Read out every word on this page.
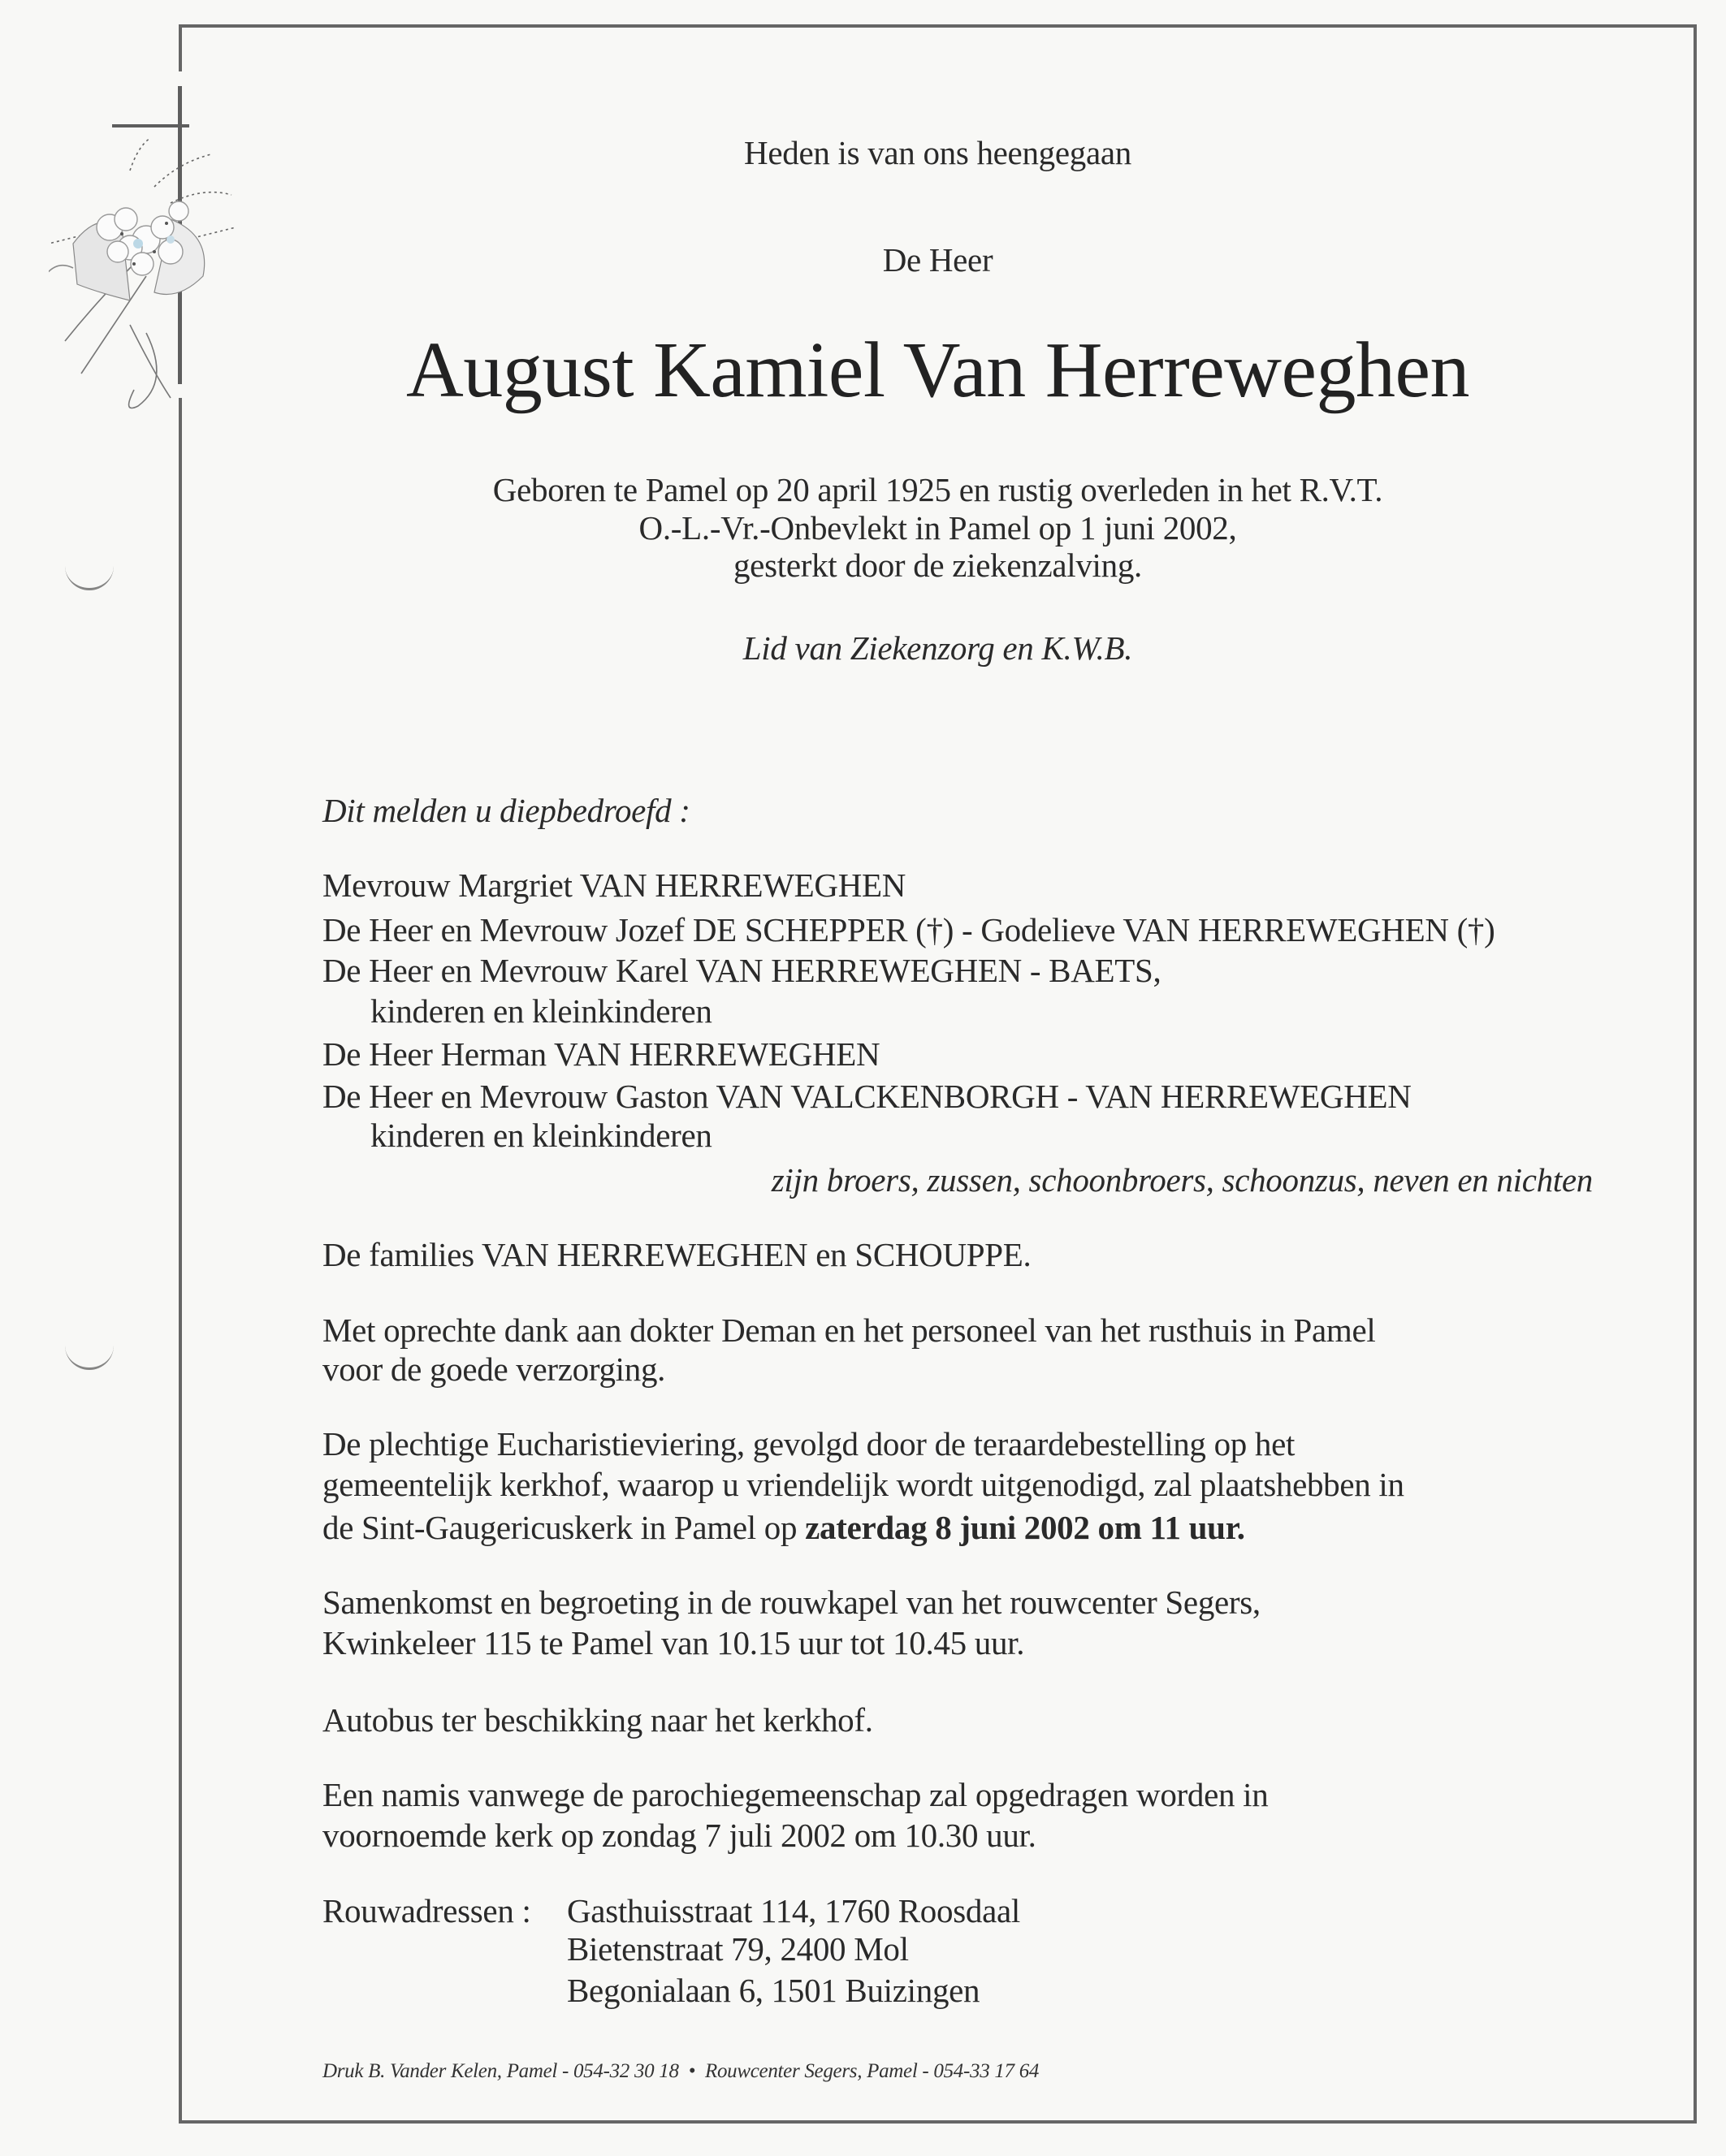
Heden is van ons heengegaan
De Heer
August Kamiel Van Herreweghen
Geboren te Pamel op 20 april 1925 en rustig overleden in het R.V.T.
O.-L.-Vr.-Onbevlekt in Pamel op 1 juni 2002,
gesterkt door de ziekenzalving.
Lid van Ziekenzorg en K.W.B.
Dit melden u diepbedroefd :
Mevrouw Margriet VAN HERREWEGHEN
De Heer en Mevrouw Jozef DE SCHEPPER (†) - Godelieve VAN HERREWEGHEN (†)
De Heer en Mevrouw Karel VAN HERREWEGHEN - BAETS,
kinderen en kleinkinderen
De Heer Herman VAN HERREWEGHEN
De Heer en Mevrouw Gaston VAN VALCKENBORGH - VAN HERREWEGHEN
kinderen en kleinkinderen
zijn broers, zussen, schoonbroers, schoonzus, neven en nichten
De families VAN HERREWEGHEN en SCHOUPPE.
Met oprechte dank aan dokter Deman en het personeel van het rusthuis in Pamel
voor de goede verzorging.
De plechtige Eucharistieviering, gevolgd door de teraardebestelling op het
gemeentelijk kerkhof, waarop u vriendelijk wordt uitgenodigd, zal plaatshebben in
de Sint-Gaugericuskerk in Pamel op zaterdag 8 juni 2002 om 11 uur.
Samenkomst en begroeting in de rouwkapel van het rouwcenter Segers,
Kwinkeleer 115 te Pamel van 10.15 uur tot 10.45 uur.
Autobus ter beschikking naar het kerkhof.
Een namis vanwege de parochiegemeenschap zal opgedragen worden in
voornoemde kerk op zondag 7 juli 2002 om 10.30 uur.
Rouwadressen : Gasthuisstraat 114, 1760 Roosdaal
Bietenstraat 79, 2400 Mol
Begonialaan 6, 1501 Buizingen
Druk B. Vander Kelen, Pamel - 054-32 30 18 • Rouwcenter Segers, Pamel - 054-33 17 64
